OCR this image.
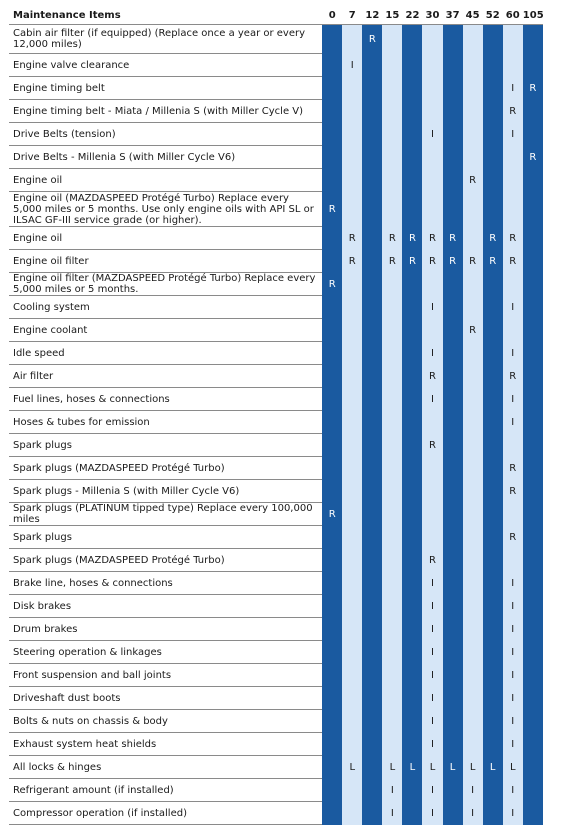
Maintenance Items	0	7	12	15	22	30	37	45	52	60	105
Cabin air filter (if equipped) (Replace once a year or every 12,000 miles)			R								
Engine valve clearance		I									
Engine timing belt										I	R
Engine timing belt - Miata / Millenia S (with Miller Cycle V)										R	
Drive Belts (tension)						I				I	
Drive Belts - Millenia S (with Miller Cycle V6)											R
Engine oil								R			
Engine oil (MAZDASPEED Protégé Turbo) Replace every 5,000 miles or 5 months. Use only engine oils with API SL or ILSAC GF-III service grade (or higher).	R										
Engine oil		R		R	R	R	R		R	R	
Engine oil filter		R		R	R	R	R	R	R	R	
Engine oil filter (MAZDASPEED Protégé Turbo) Replace every 5,000 miles or 5 months.	R										
Cooling system						I				I	
Engine coolant								R			
Idle speed						I				I	
Air filter						R				R	
Fuel lines, hoses & connections						I				I	
Hoses & tubes for emission										I	
Spark plugs						R					
Spark plugs (MAZDASPEED Protégé Turbo)										R	
Spark plugs - Millenia S (with Miller Cycle V6)										R	
Spark plugs (PLATINUM tipped type) Replace every 100,000 miles	R										
Spark plugs										R	
Spark plugs (MAZDASPEED Protégé Turbo)						R					
Brake line, hoses & connections						I				I	
Disk brakes						I				I	
Drum brakes						I				I	
Steering operation & linkages						I				I	
Front suspension and ball joints						I				I	
Driveshaft dust boots						I				I	
Bolts & nuts on chassis & body						I				I	
Exhaust system heat shields						I				I	
All locks & hinges		L		L	L	L	L	L	L	L	
Refrigerant amount (if installed)				I		I		I		I	
Compressor operation (if installed)				I		I		I		I	
